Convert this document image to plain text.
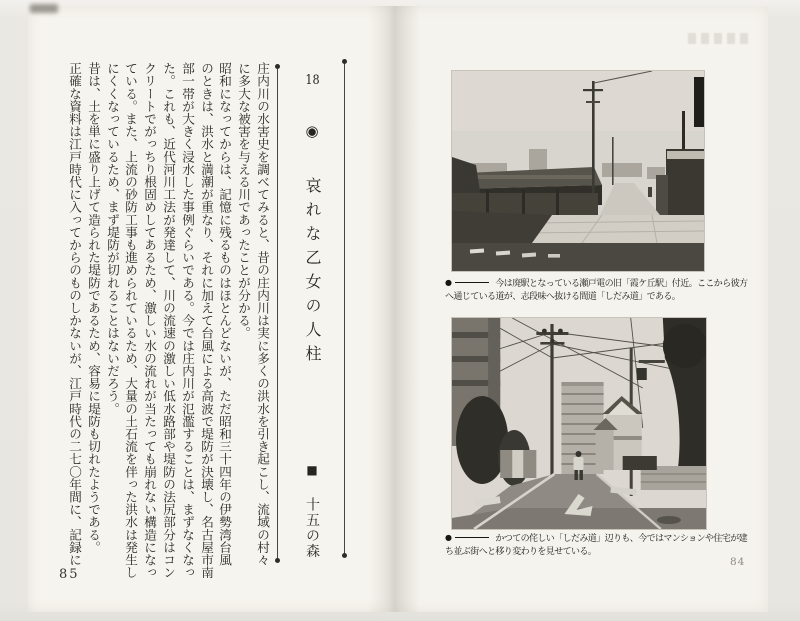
18 ◉ 哀れな乙女の人柱
■ 十五の森
庄内川の水害史を調べてみると、昔の庄内川は実に多くの洪水を引き起こし、流域の村々
に多大な被害を与える川であったことが分かる。
昭和になってからは、記憶に残るものはほとんどないが、ただ昭和三十四年の伊勢湾台風
のときは、洪水と満潮が重なり、それに加えて台風による高波で堤防が決壊し、名古屋市南
部一帯が大きく浸水した事例ぐらいである。今では庄内川が氾濫することは、まずなくなっ
た。これも、近代河川工法が発達して、川の流速の激しい低水路部や堤防の法尻部分はコン
クリートでがっちり根固めしてあるため、激しい水の流れが当たっても崩れない構造になっ
ている。また、上流の砂防工事も進められているため、大量の土石流を伴った洪水は発生し
にくくなっているため、まず堤防が切れることはないだろう。
昔は、土を単に盛り上げて造られた堤防であるため、容易に堤防も切れたようである。
正確な資料は江戸時代に入ってからのものしかないが、江戸時代の二七〇年間に、記録に
85
●	今は廃駅となっている瀬戸電の旧「霞ケ丘駅」付近。ここから彼方へ通じている道が、志段味へ抜ける間道「しだみ道」である。
●	かつての侘しい「しだみ道」辺りも、今ではマンションや住宅が建ち並ぶ街へと移り変わりを見せている。
84
